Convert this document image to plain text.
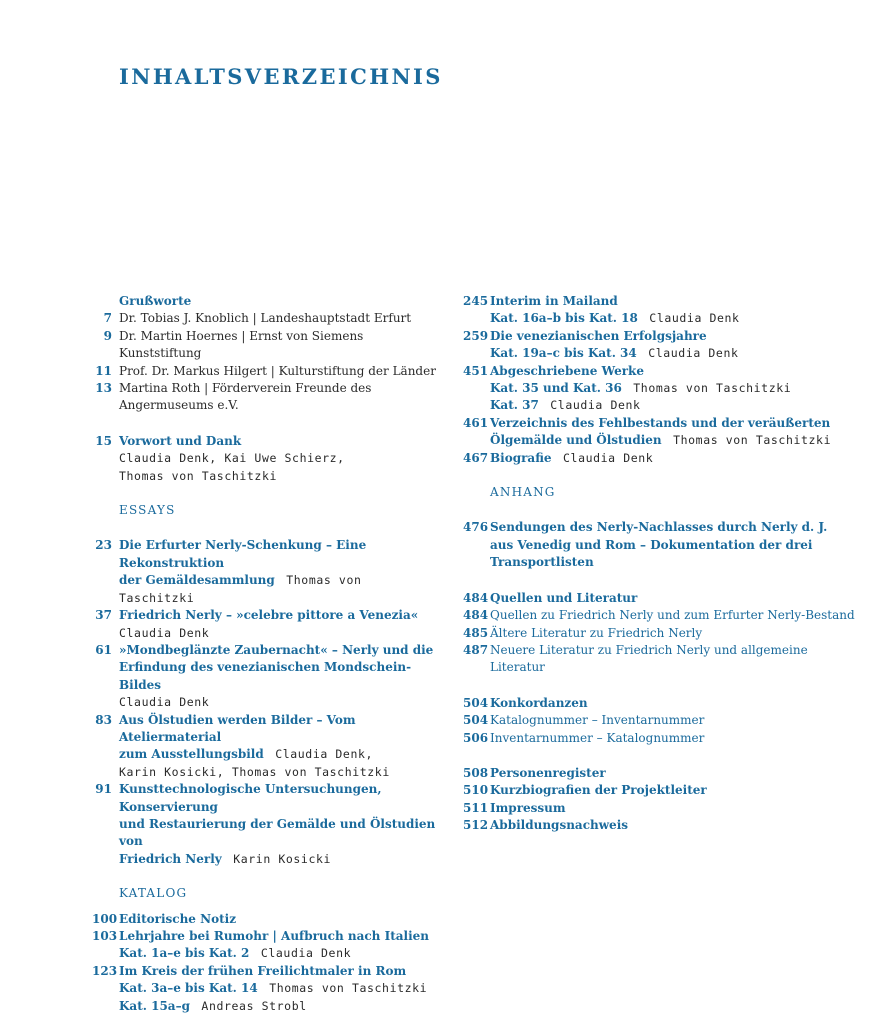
INHALTSVERZEICHNIS
Grußworte
7 Dr. Tobias J. Knoblich | Landeshauptstadt Erfurt
9 Dr. Martin Hoernes | Ernst von Siemens Kunststiftung
11 Prof. Dr. Markus Hilgert | Kulturstiftung der Länder
13 Martina Roth | Förderverein Freunde des
Angermuseums e.V.
15 Vorwort und Dank
Claudia Denk, Kai Uwe Schierz,
Thomas von Taschitzki
ESSAYS
23 Die Erfurter Nerly-Schenkung – Eine Rekonstruktion
der Gemäldesammlung Thomas von Taschitzki
37 Friedrich Nerly – »celebre pittore a Venezia«
Claudia Denk
61 »Mondbeglänzte Zaubernacht« – Nerly und die
Erfindung des venezianischen Mondschein-Bildes
Claudia Denk
83 Aus Ölstudien werden Bilder – Vom Ateliermaterial
zum Ausstellungsbild Claudia Denk,
Karin Kosicki, Thomas von Taschitzki
91 Kunsttechnologische Untersuchungen, Konservierung
und Restaurierung der Gemälde und Ölstudien von
Friedrich Nerly Karin Kosicki
KATALOG
100 Editorische Notiz
103 Lehrjahre bei Rumohr | Aufbruch nach Italien
Kat. 1a–e bis Kat. 2 Claudia Denk
123 Im Kreis der frühen Freilichtmaler in Rom
Kat. 3a–e bis Kat. 14 Thomas von Taschitzki
Kat. 15a–g Andreas Strobl
245 Interim in Mailand
Kat. 16a–b bis Kat. 18 Claudia Denk
259 Die venezianischen Erfolgsjahre
Kat. 19a–c bis Kat. 34 Claudia Denk
451 Abgeschriebene Werke
Kat. 35 und Kat. 36 Thomas von Taschitzki
Kat. 37 Claudia Denk
461 Verzeichnis des Fehlbestands und der veräußerten
Ölgemälde und Ölstudien Thomas von Taschitzki
467 Biografie Claudia Denk
ANHANG
476 Sendungen des Nerly-Nachlasses durch Nerly d. J.
aus Venedig und Rom – Dokumentation der drei
Transportlisten
484 Quellen und Literatur
484 Quellen zu Friedrich Nerly und zum Erfurter Nerly-Bestand
485 Ältere Literatur zu Friedrich Nerly
487 Neuere Literatur zu Friedrich Nerly und allgemeine
Literatur
504 Konkordanzen
504 Katalognummer – Inventarnummer
506 Inventarnummer – Katalognummer
508 Personenregister
510 Kurzbiografien der Projektleiter
511 Impressum
512 Abbildungsnachweis
